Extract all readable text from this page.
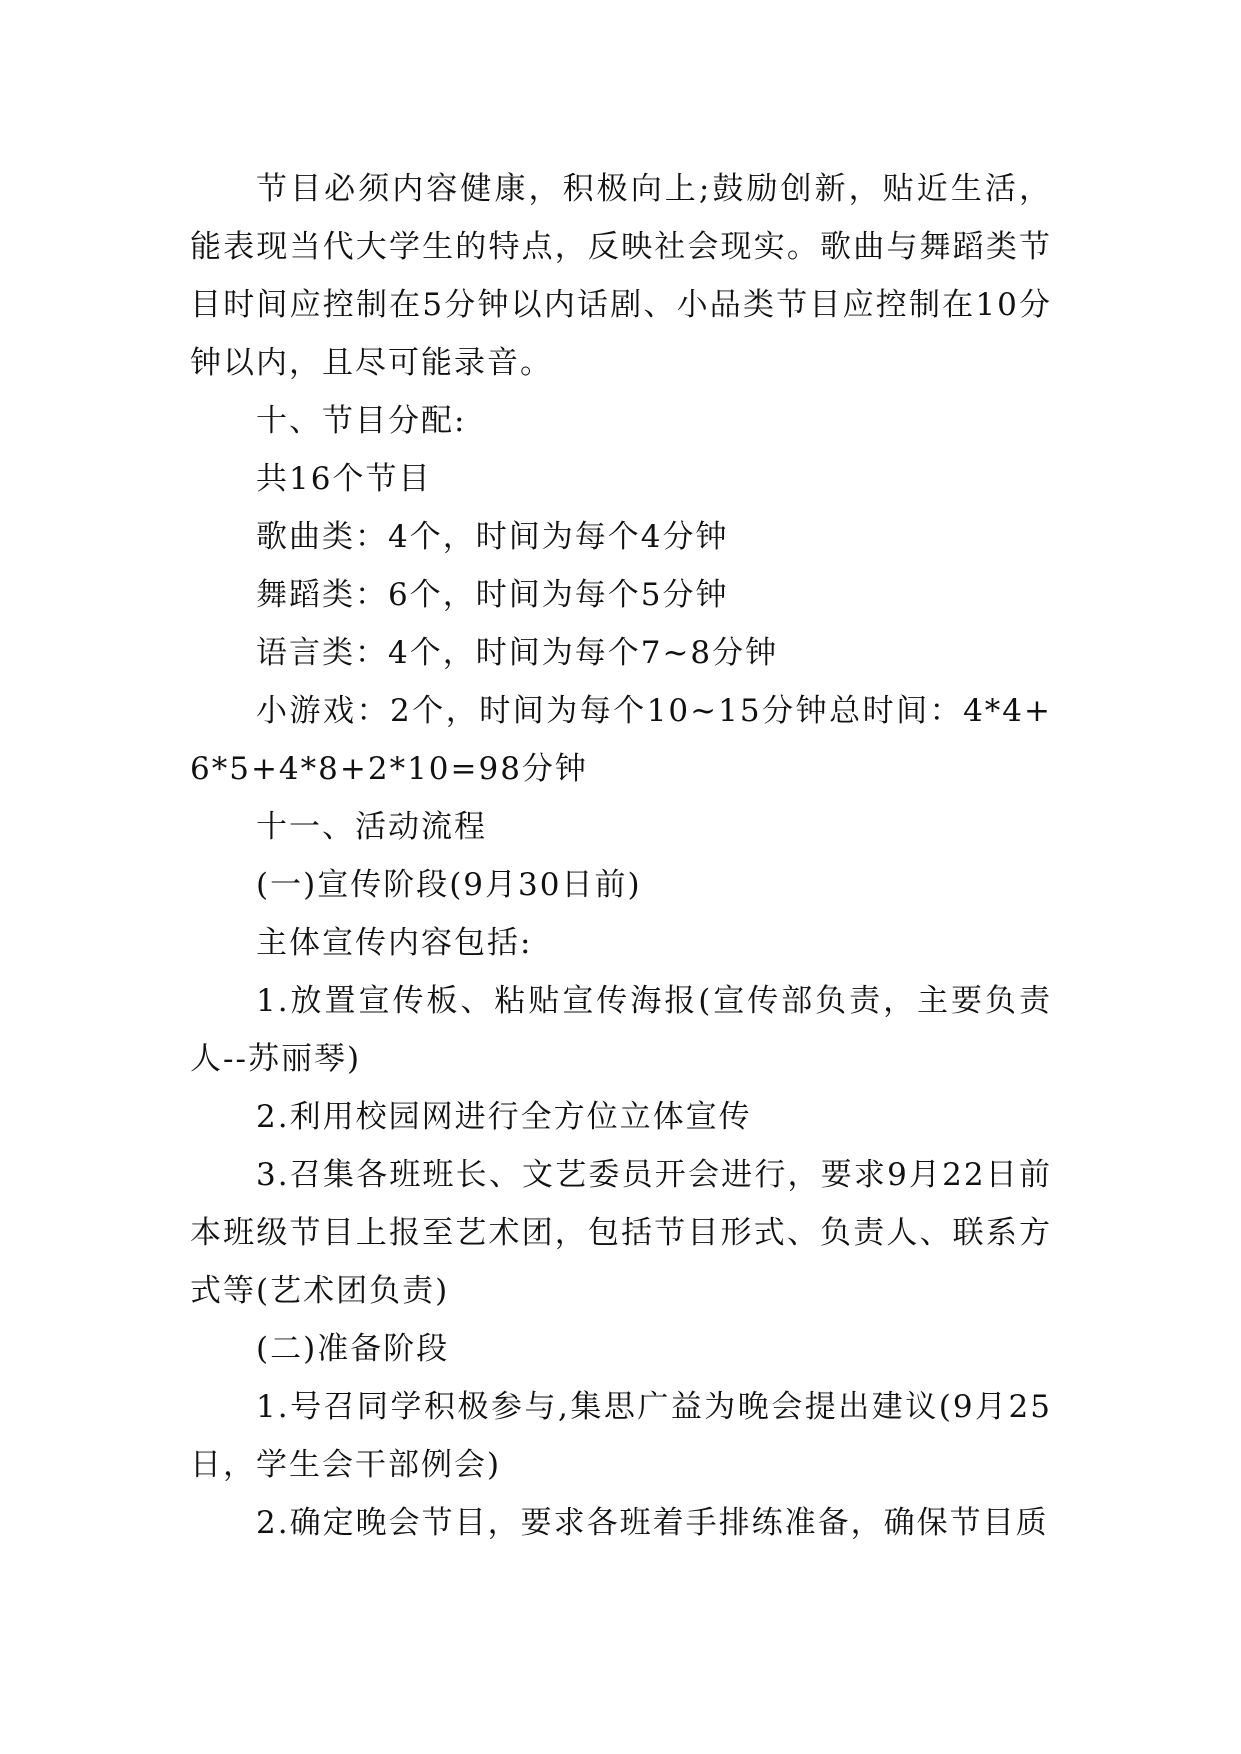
节目必须内容健康，积极向上;鼓励创新，贴近生活，能表现当代大学生的特点，反映社会现实。歌曲与舞蹈类节目时间应控制在5分钟以内话剧、小品类节目应控制在10分钟以内，且尽可能录音。

十、节目分配:

共16个节目

歌曲类：4个，时间为每个4分钟

舞蹈类：6个，时间为每个5分钟

语言类：4个，时间为每个7~8分钟

小游戏：2个，时间为每个10~15分钟总时间：4*4+6*5+4*8+2*10=98分钟

十一、活动流程

(一)宣传阶段(9月30日前)

主体宣传内容包括:

1.放置宣传板、粘贴宣传海报(宣传部负责，主要负责人--苏丽琴)

2.利用校园网进行全方位立体宣传

3.召集各班班长、文艺委员开会进行，要求9月22日前本班级节目上报至艺术团，包括节目形式、负责人、联系方式等(艺术团负责)

(二)准备阶段

1.号召同学积极参与,集思广益为晚会提出建议(9月25日，学生会干部例会)

2.确定晚会节目，要求各班着手排练准备，确保节目质
